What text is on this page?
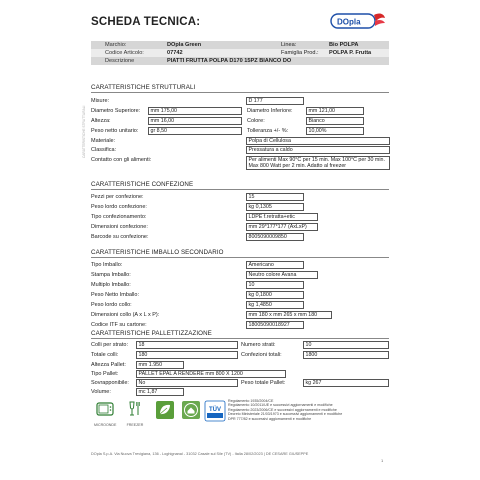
SCHEDA TECNICA:	DOpla
Marchio:	DOpla Green	Linea:	Bio POLPA
Codice Articolo:	07742	Famiglia Prod.:	POLPA P. Frutta
Descrizione	PIATTI FRUTTA POLPA D170 15PZ BIANCO DO		
CARATTERISTICHE STRUTTURALI
CARATTERISTICHE STRUTTURALI
Misure:	D 177
Diametro Superiore:	mm 175,00	Diametro Inferiore:	mm 121,00
Altezza:	mm 16,00	Colore:	Bianco
Peso netto unitario:	gr 8,50	Tolleranza +/- %:	10,00%
Materiale:	Polpa di Cellulosa
Classifica:	Pressatura a caldo
Contatto con gli alimenti:	Per alimenti Max 90°C per 15 min. Max 100°C per 30 min. Max 800 Watt per 2 min. Adatto al freezer
CARATTERISTICHE CONFEZIONE
Pezzi per confezione:	15
Peso lordo confezione:	kg 0,1305
Tipo confezionamento:	LDPE f.retratta+etic
Dimensioni confezione:	mm 29*177*177 (AxLxP)
Barcode su confezione:	8005090009850
CARATTERISTICHE IMBALLO SECONDARIO
Tipo Imballo:	Americano
Stampa Imballo:	Neutro colore Avana
Multiplo Imballo:	10
Peso Netto Imballo:	kg 0,1800
Peso lordo collo:	kg 1,4850
Dimensioni collo (A x L x P):	mm 180 x mm 265 x mm 180
Codice ITF su cartone:	18005090018927
CARATTERISTICHE PALLETTIZZAZIONE
Colli per strato:	18	Numero strati:	10
Totale colli:	180	Confezioni totali:	1800
Altezza Pallet:	mm 1.950
Tipo Pallet:	PALLET EPAL A RENDERE mm 800 X 1200
Sovrapponibile:	No	Peso totale Pallet:	kg 267
Volume:	mc 1,87
MICROONDE	FREEZER
TÜV
Regolamento 1935/2004/CE
Regolamento 10/2011/UE e successivi aggiornamenti e modifiche
Regolamento 2023/2006/CE e successivi aggiornamenti e modifiche
Decreto Ministeriale 21/03/1973 e successivi aggiornamenti e modifiche
DPR 777/82 e successivi aggiornamenti e modifiche
DOpla S.p.A. Via Nuova Trevigiana, 136 - Loghignanal - 31032 Casale sul Sile (TV) - Italia 28/02/2023 | DE CESARE GIUSEPPE
1
